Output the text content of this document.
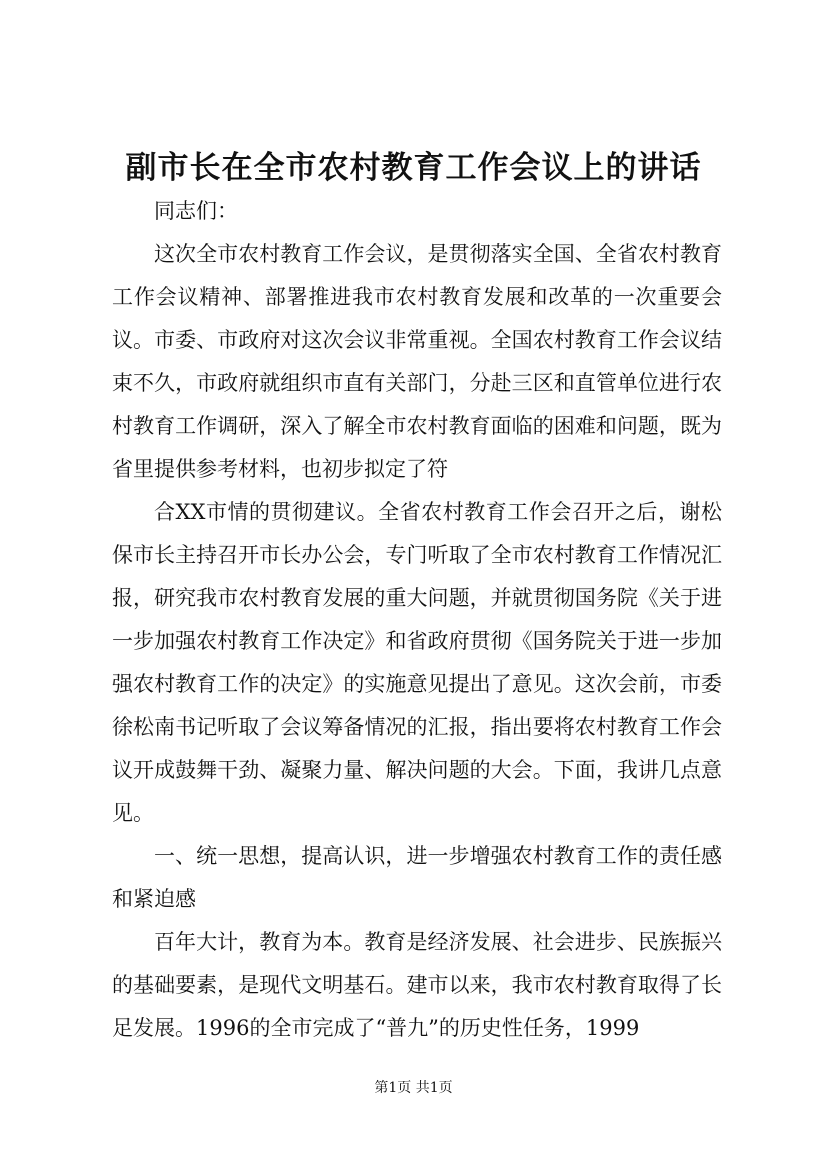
副市长在全市农村教育工作会议上的讲话

同志们：

这次全市农村教育工作会议，是贯彻落实全国、全省农村教育工作会议精神、部署推进我市农村教育发展和改革的一次重要会议。市委、市政府对这次会议非常重视。全国农村教育工作会议结束不久，市政府就组织市直有关部门，分赴三区和直管单位进行农村教育工作调研，深入了解全市农村教育面临的困难和问题，既为省里提供参考材料，也初步拟定了符

合XX市情的贯彻建议。全省农村教育工作会召开之后，谢松保市长主持召开市长办公会，专门听取了全市农村教育工作情况汇报，研究我市农村教育发展的重大问题，并就贯彻国务院《关于进一步加强农村教育工作决定》和省政府贯彻《国务院关于进一步加强农村教育工作的决定》的实施意见提出了意见。这次会前，市委徐松南书记听取了会议筹备情况的汇报，指出要将农村教育工作会议开成鼓舞干劲、凝聚力量、解决问题的大会。下面，我讲几点意见。

一、统一思想，提高认识，进一步增强农村教育工作的责任感和紧迫感

百年大计，教育为本。教育是经济发展、社会进步、民族振兴的基础要素，是现代文明基石。建市以来，我市农村教育取得了长足发展。1996的全市完成了“普九”的历史性任务，1999

第1页 共1页
